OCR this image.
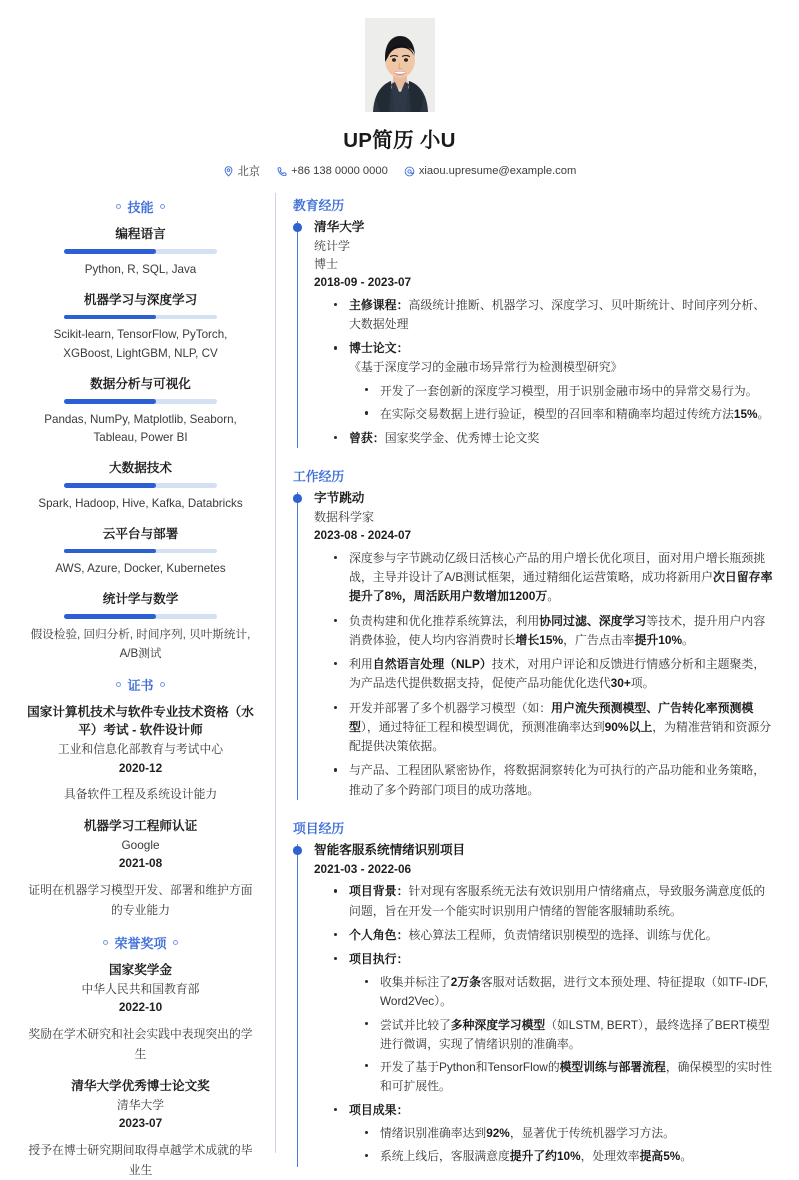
UP简历 小U
北京	+86 138 0000 0000	xiaou.upresume@example.com
技能
编程语言
Python, R, SQL, Java
机器学习与深度学习
Scikit-learn, TensorFlow, PyTorch, XGBoost, LightGBM, NLP, CV
数据分析与可视化
Pandas, NumPy, Matplotlib, Seaborn, Tableau, Power BI
大数据技术
Spark, Hadoop, Hive, Kafka, Databricks
云平台与部署
AWS, Azure, Docker, Kubernetes
统计学与数学
假设检验, 回归分析, 时间序列, 贝叶斯统计, A/B测试
证书
国家计算机技术与软件专业技术资格（水平）考试 - 软件设计师
工业和信息化部教育与考试中心
2020-12
具备软件工程及系统设计能力
机器学习工程师认证
Google
2021-08
证明在机器学习模型开发、部署和维护方面的专业能力
荣誉奖项
国家奖学金
中华人民共和国教育部
2022-10
奖励在学术研究和社会实践中表现突出的学生
清华大学优秀博士论文奖
清华大学
2023-07
授予在博士研究期间取得卓越学术成就的毕业生
教育经历
清华大学
统计学
博士
2018-09 - 2023-07
主修课程：高级统计推断、机器学习、深度学习、贝叶斯统计、时间序列分析、大数据处理
博士论文：
《基于深度学习的金融市场异常行为检测模型研究》
开发了一套创新的深度学习模型，用于识别金融市场中的异常交易行为。
在实际交易数据上进行验证，模型的召回率和精确率均超过传统方法15%。
曾获：国家奖学金、优秀博士论文奖
工作经历
字节跳动
数据科学家
2023-08 - 2024-07
深度参与字节跳动亿级日活核心产品的用户增长优化项目，面对用户增长瓶颈挑战，主导并设计了A/B测试框架，通过精细化运营策略，成功将新用户次日留存率提升了8%，周活跃用户数增加1200万。
负责构建和优化推荐系统算法，利用协同过滤、深度学习等技术，提升用户内容消费体验，使人均内容消费时长增长15%，广告点击率提升10%。
利用自然语言处理（NLP）技术，对用户评论和反馈进行情感分析和主题聚类，为产品迭代提供数据支持，促使产品功能优化迭代30+项。
开发并部署了多个机器学习模型（如：用户流失预测模型、广告转化率预测模型），通过特征工程和模型调优，预测准确率达到90%以上，为精准营销和资源分配提供决策依据。
与产品、工程团队紧密协作，将数据洞察转化为可执行的产品功能和业务策略，推动了多个跨部门项目的成功落地。
项目经历
智能客服系统情绪识别项目
2021-03 - 2022-06
项目背景：针对现有客服系统无法有效识别用户情绪痛点，导致服务满意度低的问题，旨在开发一个能实时识别用户情绪的智能客服辅助系统。
个人角色：核心算法工程师，负责情绪识别模型的选择、训练与优化。
项目执行：
收集并标注了2万条客服对话数据，进行文本预处理、特征提取（如TF-IDF, Word2Vec）。
尝试并比较了多种深度学习模型（如LSTM, BERT），最终选择了BERT模型进行微调，实现了情绪识别的准确率。
开发了基于Python和TensorFlow的模型训练与部署流程，确保模型的实时性和可扩展性。
项目成果：
情绪识别准确率达到92%，显著优于传统机器学习方法。
系统上线后，客服满意度提升了约10%，处理效率提高5%。
